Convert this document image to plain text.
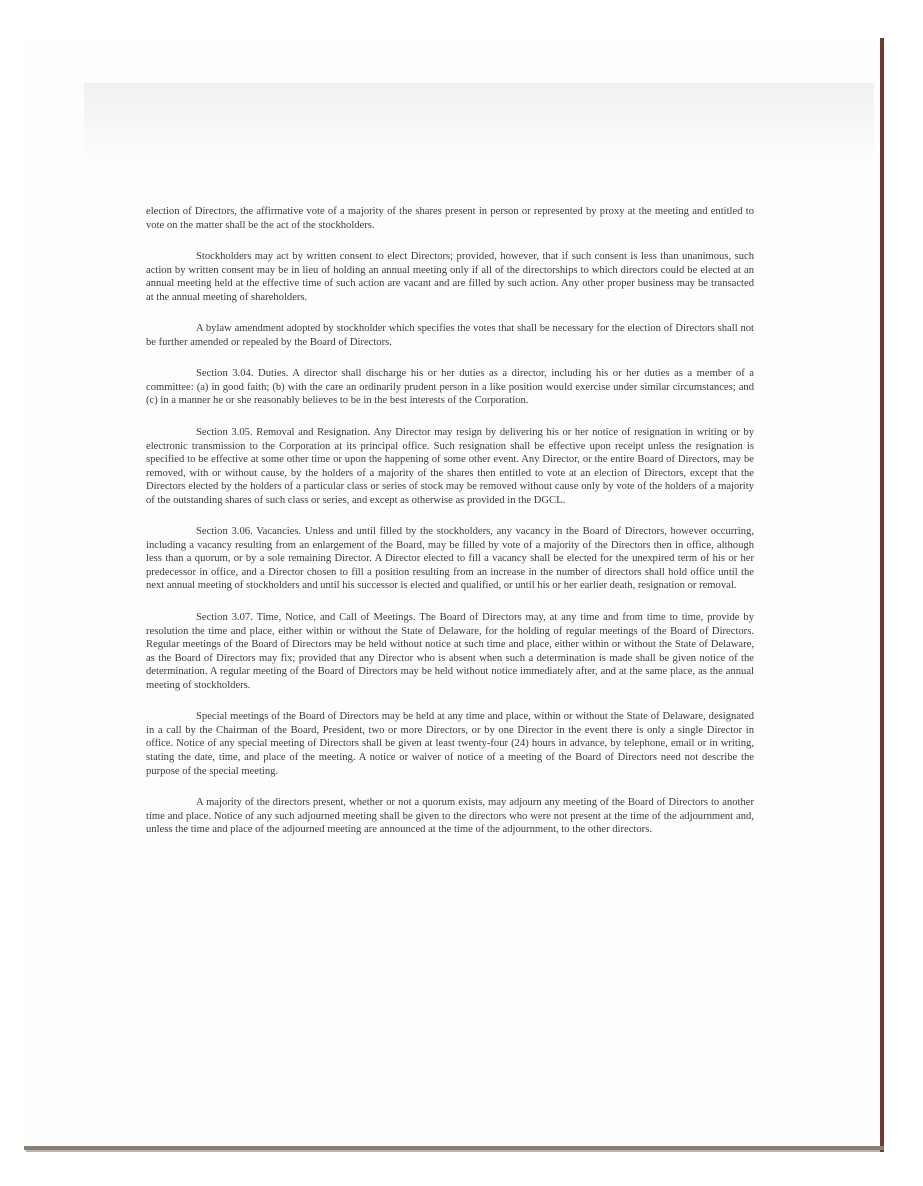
election of Directors, the affirmative vote of a majority of the shares present in person or represented by proxy at the meeting and entitled to vote on the matter shall be the act of the stockholders.

Stockholders may act by written consent to elect Directors; provided, however, that if such consent is less than unanimous, such action by written consent may be in lieu of holding an annual meeting only if all of the directorships to which directors could be elected at an annual meeting held at the effective time of such action are vacant and are filled by such action. Any other proper business may be transacted at the annual meeting of shareholders.

A bylaw amendment adopted by stockholder which specifies the votes that shall be necessary for the election of Directors shall not be further amended or repealed by the Board of Directors.

Section 3.04. Duties. A director shall discharge his or her duties as a director, including his or her duties as a member of a committee: (a) in good faith; (b) with the care an ordinarily prudent person in a like position would exercise under similar circumstances; and (c) in a manner he or she reasonably believes to be in the best interests of the Corporation.

Section 3.05. Removal and Resignation. Any Director may resign by delivering his or her notice of resignation in writing or by electronic transmission to the Corporation at its principal office. Such resignation shall be effective upon receipt unless the resignation is specified to be effective at some other time or upon the happening of some other event. Any Director, or the entire Board of Directors, may be removed, with or without cause, by the holders of a majority of the shares then entitled to vote at an election of Directors, except that the Directors elected by the holders of a particular class or series of stock may be removed without cause only by vote of the holders of a majority of the outstanding shares of such class or series, and except as otherwise as provided in the DGCL.

Section 3.06. Vacancies. Unless and until filled by the stockholders, any vacancy in the Board of Directors, however occurring, including a vacancy resulting from an enlargement of the Board, may be filled by vote of a majority of the Directors then in office, although less than a quorum, or by a sole remaining Director. A Director elected to fill a vacancy shall be elected for the unexpired term of his or her predecessor in office, and a Director chosen to fill a position resulting from an increase in the number of directors shall hold office until the next annual meeting of stockholders and until his successor is elected and qualified, or until his or her earlier death, resignation or removal.

Section 3.07. Time, Notice, and Call of Meetings. The Board of Directors may, at any time and from time to time, provide by resolution the time and place, either within or without the State of Delaware, for the holding of regular meetings of the Board of Directors. Regular meetings of the Board of Directors may be held without notice at such time and place, either within or without the State of Delaware, as the Board of Directors may fix; provided that any Director who is absent when such a determination is made shall be given notice of the determination. A regular meeting of the Board of Directors may be held without notice immediately after, and at the same place, as the annual meeting of stockholders.

Special meetings of the Board of Directors may be held at any time and place, within or without the State of Delaware, designated in a call by the Chairman of the Board, President, two or more Directors, or by one Director in the event there is only a single Director in office. Notice of any special meeting of Directors shall be given at least twenty-four (24) hours in advance, by telephone, email or in writing, stating the date, time, and place of the meeting. A notice or waiver of notice of a meeting of the Board of Directors need not describe the purpose of the special meeting.

A majority of the directors present, whether or not a quorum exists, may adjourn any meeting of the Board of Directors to another time and place. Notice of any such adjourned meeting shall be given to the directors who were not present at the time of the adjournment and, unless the time and place of the adjourned meeting are announced at the time of the adjournment, to the other directors.
